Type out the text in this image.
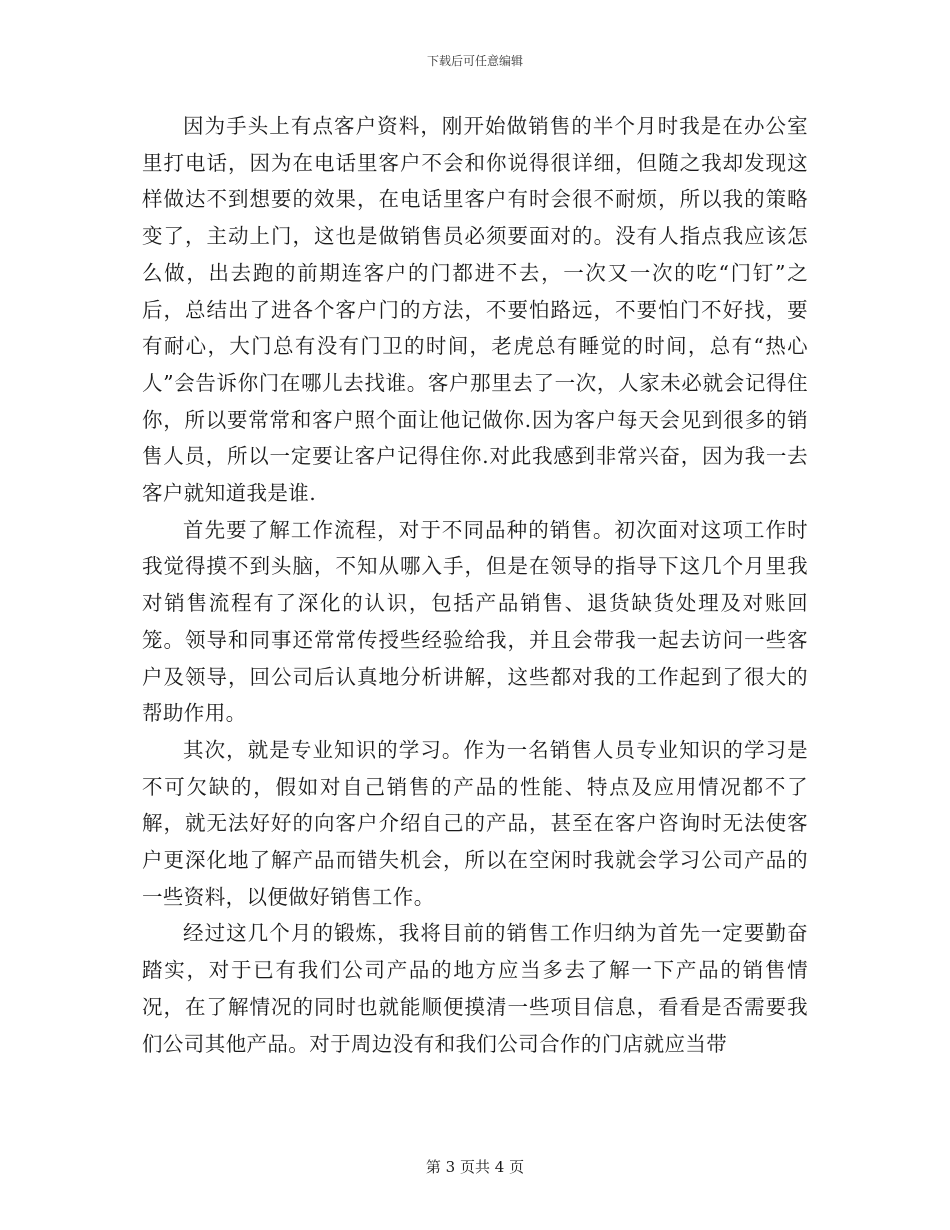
下载后可任意编辑

因为手头上有点客户资料，刚开始做销售的半个月时我是在办公室里打电话，因为在电话里客户不会和你说得很详细，但随之我却发现这样做达不到想要的效果，在电话里客户有时会很不耐烦，所以我的策略变了，主动上门，这也是做销售员必须要面对的。没有人指点我应该怎么做，出去跑的前期连客户的门都进不去，一次又一次的吃“门钉”之后，总结出了进各个客户门的方法，不要怕路远，不要怕门不好找，要有耐心，大门总有没有门卫的时间，老虎总有睡觉的时间，总有“热心人”会告诉你门在哪儿去找谁。客户那里去了一次，人家未必就会记得住你，所以要常常和客户照个面让他记做你.因为客户每天会见到很多的销售人员，所以一定要让客户记得住你.对此我感到非常兴奋，因为我一去客户就知道我是谁.

首先要了解工作流程，对于不同品种的销售。初次面对这项工作时我觉得摸不到头脑，不知从哪入手，但是在领导的指导下这几个月里我对销售流程有了深化的认识，包括产品销售、退货缺货处理及对账回笼。领导和同事还常常传授些经验给我，并且会带我一起去访问一些客户及领导，回公司后认真地分析讲解，这些都对我的工作起到了很大的帮助作用。

其次，就是专业知识的学习。作为一名销售人员专业知识的学习是不可欠缺的，假如对自己销售的产品的性能、特点及应用情况都不了解，就无法好好的向客户介绍自己的产品，甚至在客户咨询时无法使客户更深化地了解产品而错失机会，所以在空闲时我就会学习公司产品的一些资料，以便做好销售工作。

经过这几个月的锻炼，我将目前的销售工作归纳为首先一定要勤奋踏实，对于已有我们公司产品的地方应当多去了解一下产品的销售情况，在了解情况的同时也就能顺便摸清一些项目信息，看看是否需要我们公司其他产品。对于周边没有和我们公司合作的门店就应当带

第 3 页共 4 页
